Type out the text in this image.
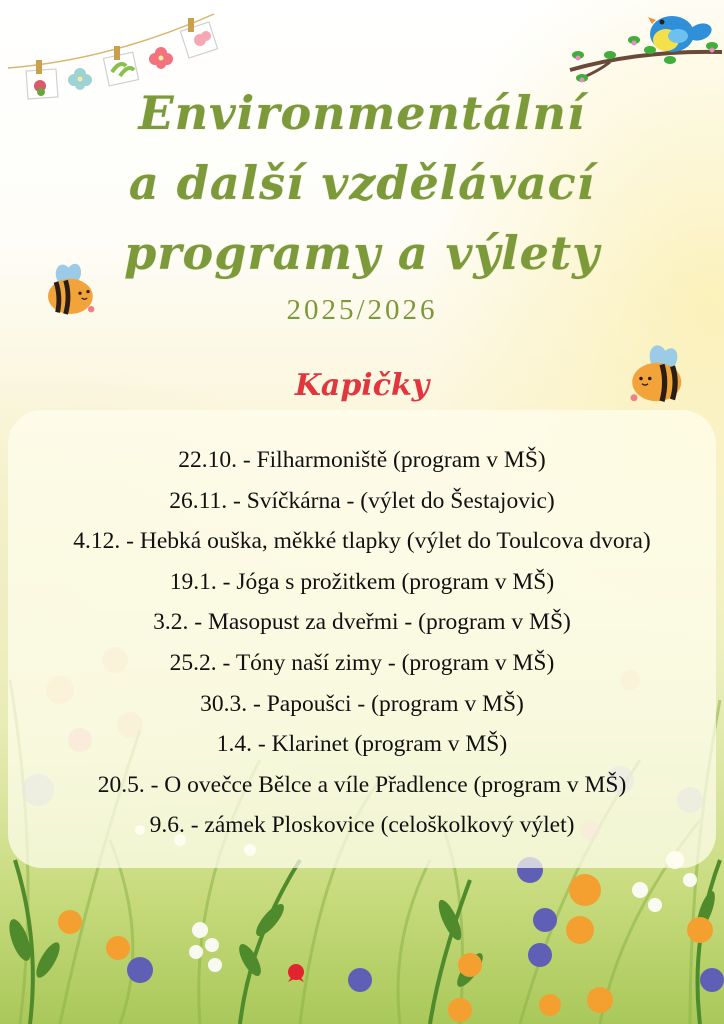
Environmentální
a další vzdělávací
programy a výlety
2025/2026
Kapičky
22.10. - Filharmoniště (program v MŠ)
26.11. - Svíčkárna - (výlet do Šestajovic)
4.12. - Hebká ouška, měkké tlapky (výlet do Toulcova dvora)
19.1. - Jóga s prožitkem (program v MŠ)
3.2. - Masopust za dveřmi - (program v MŠ)
25.2. - Tóny naší zimy - (program v MŠ)
30.3. - Papoušci - (program v MŠ)
1.4. - Klarinet (program v MŠ)
20.5. - O ovečce Bělce a víle Přadlence (program v MŠ)
9.6. - zámek Ploskovice (celoškolkový výlet)
